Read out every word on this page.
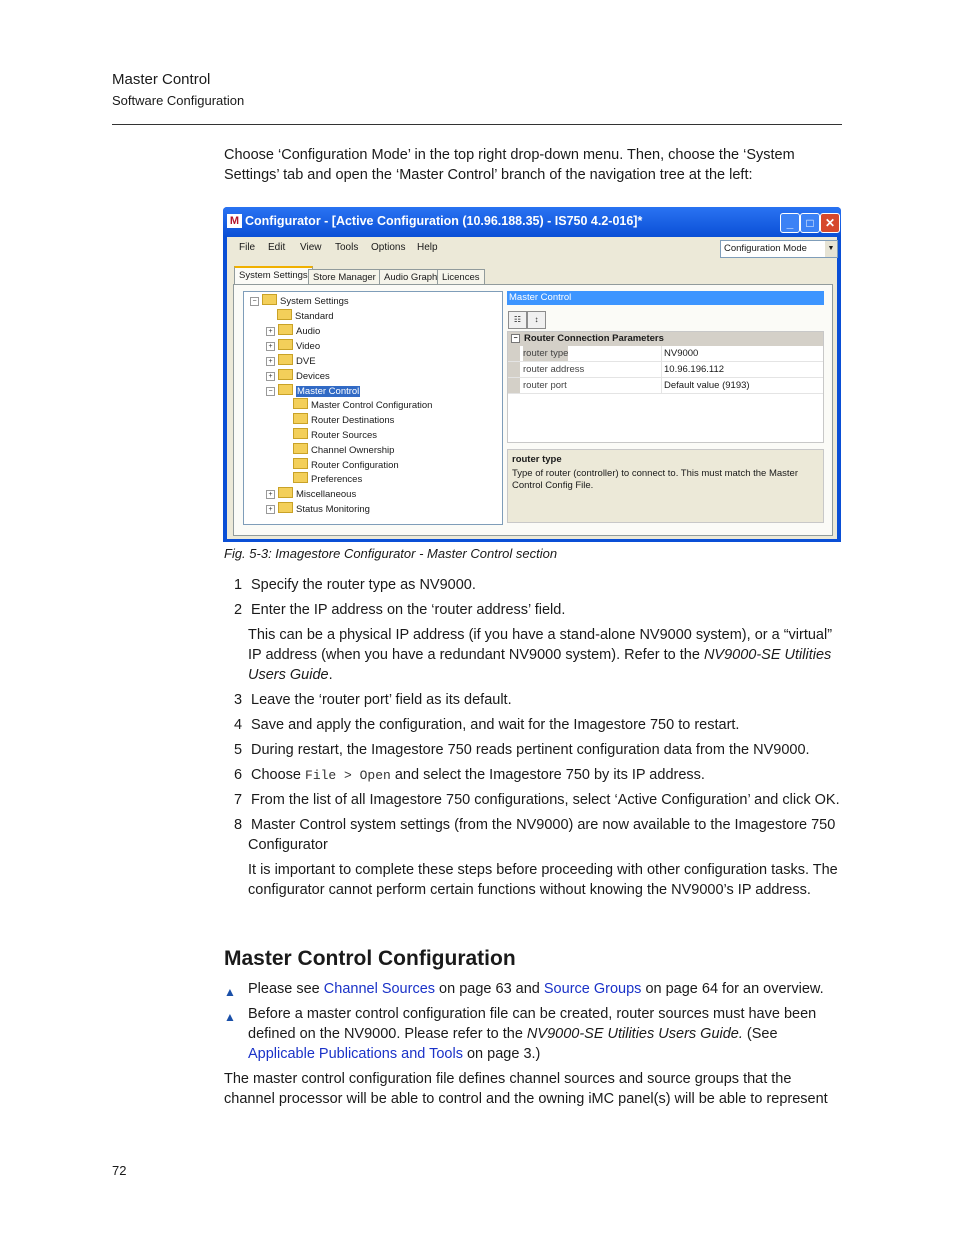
Master Control
Software Configuration
Choose ‘Configuration Mode’ in the top right drop-down menu. Then, choose the ‘System Settings’ tab and open the ‘Master Control’ branch of the navigation tree at the left:
M Configurator - [Active Configuration (10.96.188.35) - IS750 4.2-016]*	_	□ ✕
File Edit View Tools Options Help	Configuration Mode	▼
System Settings Store Manager Audio Graph Licences
− System Settings
Standard
+ Audio
+ Video
+ DVE
+ Devices
−	Master Control
Master Control Configuration
Router Destinations
Router Sources
Channel Ownership
Router Configuration
Preferences
+ Miscellaneous
+ Status Monitoring
Master Control
☷	↕
− Router Connection Parameters
router type	NV9000
router address	10.96.196.112
router port	Default value (9193)
router type
Type of router (controller) to connect to. This must match the Master Control Config File.
Fig. 5-3: Imagestore Configurator - Master Control section
1 Specify the router type as NV9000.
2 Enter the IP address on the ‘router address’ field.
This can be a physical IP address (if you have a stand-alone NV9000 system), or a “virtual” IP address (when you have a redundant NV9000 system). Refer to the NV9000-SE Utilities Users Guide.
3 Leave the ‘router port’ field as its default.
4 Save and apply the configuration, and wait for the Imagestore 750 to restart.
5 During restart, the Imagestore 750 reads pertinent configuration data from the NV9000.
6 Choose File > Open and select the Imagestore 750 by its IP address.
7 From the list of all Imagestore 750 configurations, select ‘Active Configuration’ and click OK.
8 Master Control system settings (from the NV9000) are now available to the Imagestore 750
Configurator
It is important to complete these steps before proceeding with other configuration tasks. The configurator cannot perform certain functions without knowing the NV9000’s IP address.
Master Control Configuration
▲ Please see Channel Sources on page 63 and Source Groups on page 64 for an overview.
▲ Before a master control configuration file can be created, router sources must have been defined on the NV9000. Please refer to the NV9000-SE Utilities Users Guide. (See Applicable Publications and Tools on page 3.)
The master control configuration file defines channel sources and source groups that the channel processor will be able to control and the owning iMC panel(s) will be able to represent
72
